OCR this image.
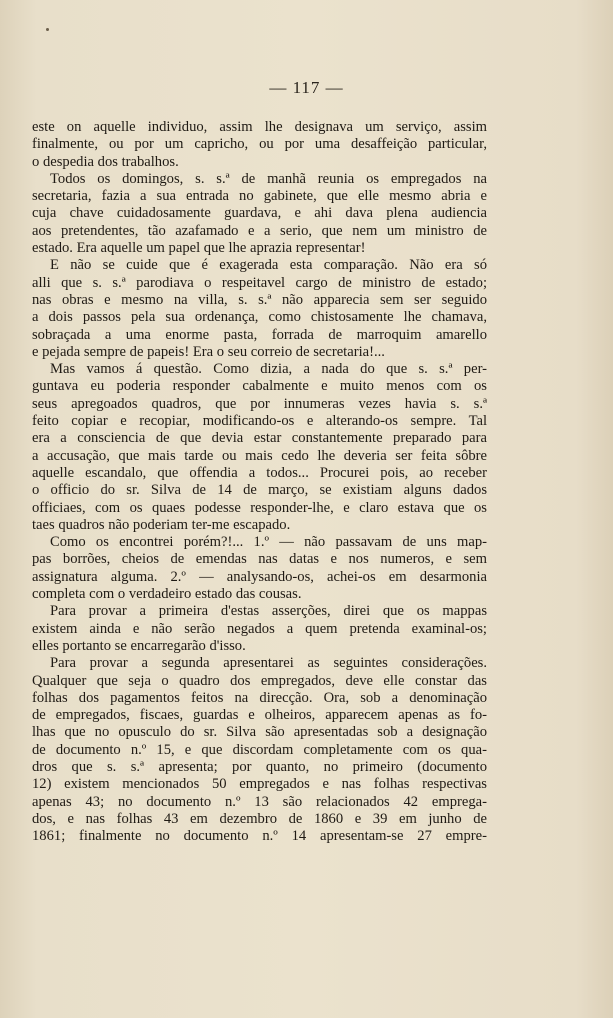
— 117 —
este on aquelle individuo, assim lhe designava um serviço, assim
finalmente, ou por um capricho, ou por uma desaffeição particular,
o despedia dos trabalhos.
Todos os domingos, s. s.ª de manhã reunia os empregados na
secretaria, fazia a sua entrada no gabinete, que elle mesmo abria e
cuja chave cuidadosamente guardava, e ahi dava plena audiencia
aos pretendentes, tão azafamado e a serio, que nem um ministro de
estado. Era aquelle um papel que lhe aprazia representar!
E não se cuide que é exagerada esta comparação. Não era só
alli que s. s.ª parodiava o respeitavel cargo de ministro de estado;
nas obras e mesmo na villa, s. s.ª não apparecia sem ser seguido
a dois passos pela sua ordenança, como chistosamente lhe chamava,
sobraçada a uma enorme pasta, forrada de marroquim amarello
e pejada sempre de papeis! Era o seu correio de secretaria!...
Mas vamos á questão. Como dizia, a nada do que s. s.ª per-
guntava eu poderia responder cabalmente e muito menos com os
seus apregoados quadros, que por innumeras vezes havia s. s.ª
feito copiar e recopiar, modificando-os e alterando-os sempre. Tal
era a consciencia de que devia estar constantemente preparado para
a accusação, que mais tarde ou mais cedo lhe deveria ser feita sôbre
aquelle escandalo, que offendia a todos... Procurei pois, ao receber
o officio do sr. Silva de 14 de março, se existiam alguns dados
officiaes, com os quaes podesse responder-lhe, e claro estava que os
taes quadros não poderiam ter-me escapado.
Como os encontrei porém?!... 1.º — não passavam de uns map-
pas borrões, cheios de emendas nas datas e nos numeros, e sem
assignatura alguma. 2.º — analysando-os, achei-os em desarmonia
completa com o verdadeiro estado das cousas.
Para provar a primeira d'estas asserções, direi que os mappas
existem ainda e não serão negados a quem pretenda examinal-os;
elles portanto se encarregarão d'isso.
Para provar a segunda apresentarei as seguintes considerações.
Qualquer que seja o quadro dos empregados, deve elle constar das
folhas dos pagamentos feitos na direcção. Ora, sob a denominação
de empregados, fiscaes, guardas e olheiros, apparecem apenas as fo-
lhas que no opusculo do sr. Silva são apresentadas sob a designação
de documento n.º 15, e que discordam completamente com os qua-
dros que s. s.ª apresenta; por quanto, no primeiro (documento
12) existem mencionados 50 empregados e nas folhas respectivas
apenas 43; no documento n.º 13 são relacionados 42 emprega-
dos, e nas folhas 43 em dezembro de 1860 e 39 em junho de
1861; finalmente no documento n.º 14 apresentam-se 27 empre-
